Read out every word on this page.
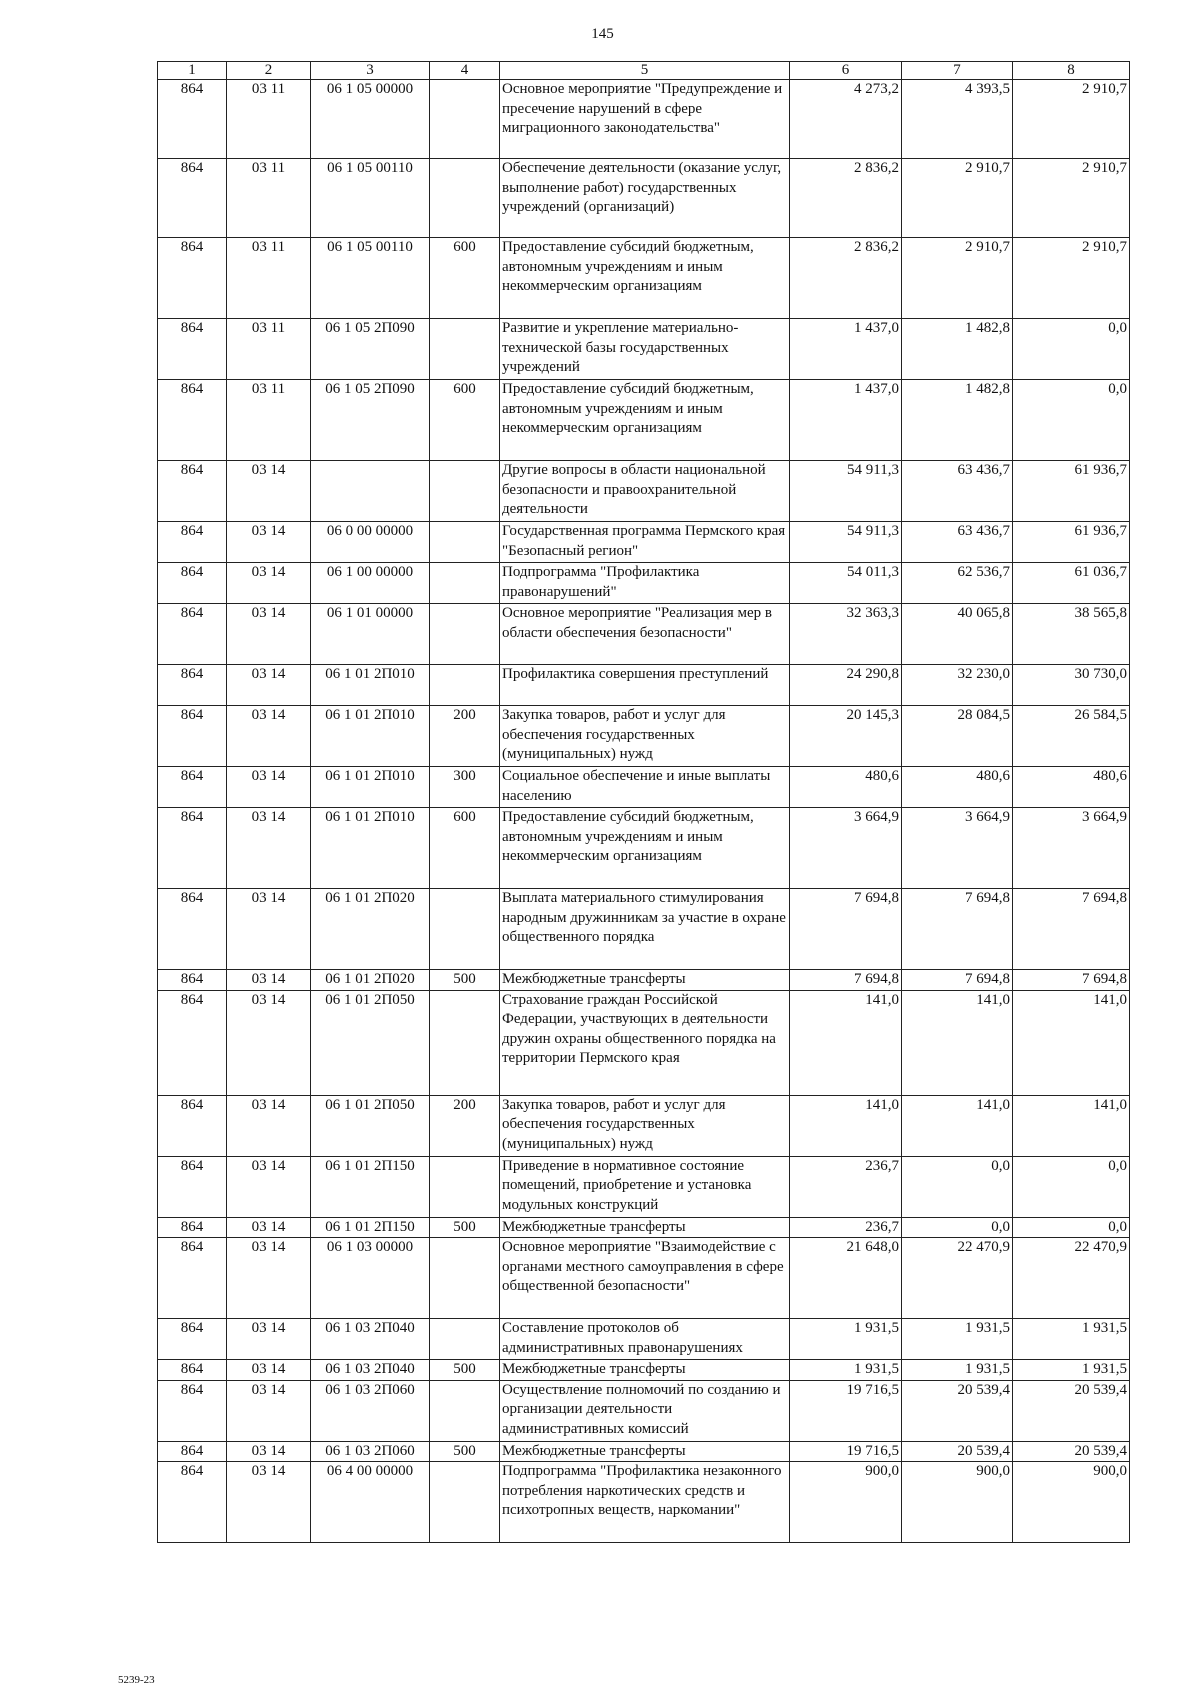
145
1	2	3	4	5	6	7	8
864	03 11	06 1 05 00000		Основное мероприятие "Предупреждение и пресечение нарушений в сфере миграционного законодательства"	4 273,2	4 393,5	2 910,7
864	03 11	06 1 05 00110		Обеспечение деятельности (оказание услуг, выполнение работ) государственных учреждений (организаций)	2 836,2	2 910,7	2 910,7
864	03 11	06 1 05 00110	600	Предоставление субсидий бюджетным, автономным учреждениям и иным некоммерческим организациям	2 836,2	2 910,7	2 910,7
864	03 11	06 1 05 2П090		Развитие и укрепление материально-технической базы государственных учреждений	1 437,0	1 482,8	0,0
864	03 11	06 1 05 2П090	600	Предоставление субсидий бюджетным, автономным учреждениям и иным некоммерческим организациям	1 437,0	1 482,8	0,0
864	03 14			Другие вопросы в области национальной безопасности и правоохранительной деятельности	54 911,3	63 436,7	61 936,7
864	03 14	06 0 00 00000		Государственная программа Пермского края "Безопасный регион"	54 911,3	63 436,7	61 936,7
864	03 14	06 1 00 00000		Подпрограмма "Профилактика правонарушений"	54 011,3	62 536,7	61 036,7
864	03 14	06 1 01 00000		Основное мероприятие "Реализация мер в области обеспечения безопасности"	32 363,3	40 065,8	38 565,8
864	03 14	06 1 01 2П010		Профилактика совершения преступлений	24 290,8	32 230,0	30 730,0
864	03 14	06 1 01 2П010	200	Закупка товаров, работ и услуг для обеспечения государственных (муниципальных) нужд	20 145,3	28 084,5	26 584,5
864	03 14	06 1 01 2П010	300	Социальное обеспечение и иные выплаты населению	480,6	480,6	480,6
864	03 14	06 1 01 2П010	600	Предоставление субсидий бюджетным, автономным учреждениям и иным некоммерческим организациям	3 664,9	3 664,9	3 664,9
864	03 14	06 1 01 2П020		Выплата материального стимулирования народным дружинникам за участие в охране общественного порядка	7 694,8	7 694,8	7 694,8
864	03 14	06 1 01 2П020	500	Межбюджетные трансферты	7 694,8	7 694,8	7 694,8
864	03 14	06 1 01 2П050		Страхование граждан Российской Федерации, участвующих в деятельности дружин охраны общественного порядка на территории Пермского края	141,0	141,0	141,0
864	03 14	06 1 01 2П050	200	Закупка товаров, работ и услуг для обеспечения государственных (муниципальных) нужд	141,0	141,0	141,0
864	03 14	06 1 01 2П150		Приведение в нормативное состояние помещений, приобретение и установка модульных конструкций	236,7	0,0	0,0
864	03 14	06 1 01 2П150	500	Межбюджетные трансферты	236,7	0,0	0,0
864	03 14	06 1 03 00000		Основное мероприятие "Взаимодействие с органами местного самоуправления в сфере общественной безопасности"	21 648,0	22 470,9	22 470,9
864	03 14	06 1 03 2П040		Составление протоколов об административных правонарушениях	1 931,5	1 931,5	1 931,5
864	03 14	06 1 03 2П040	500	Межбюджетные трансферты	1 931,5	1 931,5	1 931,5
864	03 14	06 1 03 2П060		Осуществление полномочий по созданию и организации деятельности административных комиссий	19 716,5	20 539,4	20 539,4
864	03 14	06 1 03 2П060	500	Межбюджетные трансферты	19 716,5	20 539,4	20 539,4
864	03 14	06 4 00 00000		Подпрограмма "Профилактика незаконного потребления наркотических средств и психотропных веществ, наркомании"	900,0	900,0	900,0
5239-23
